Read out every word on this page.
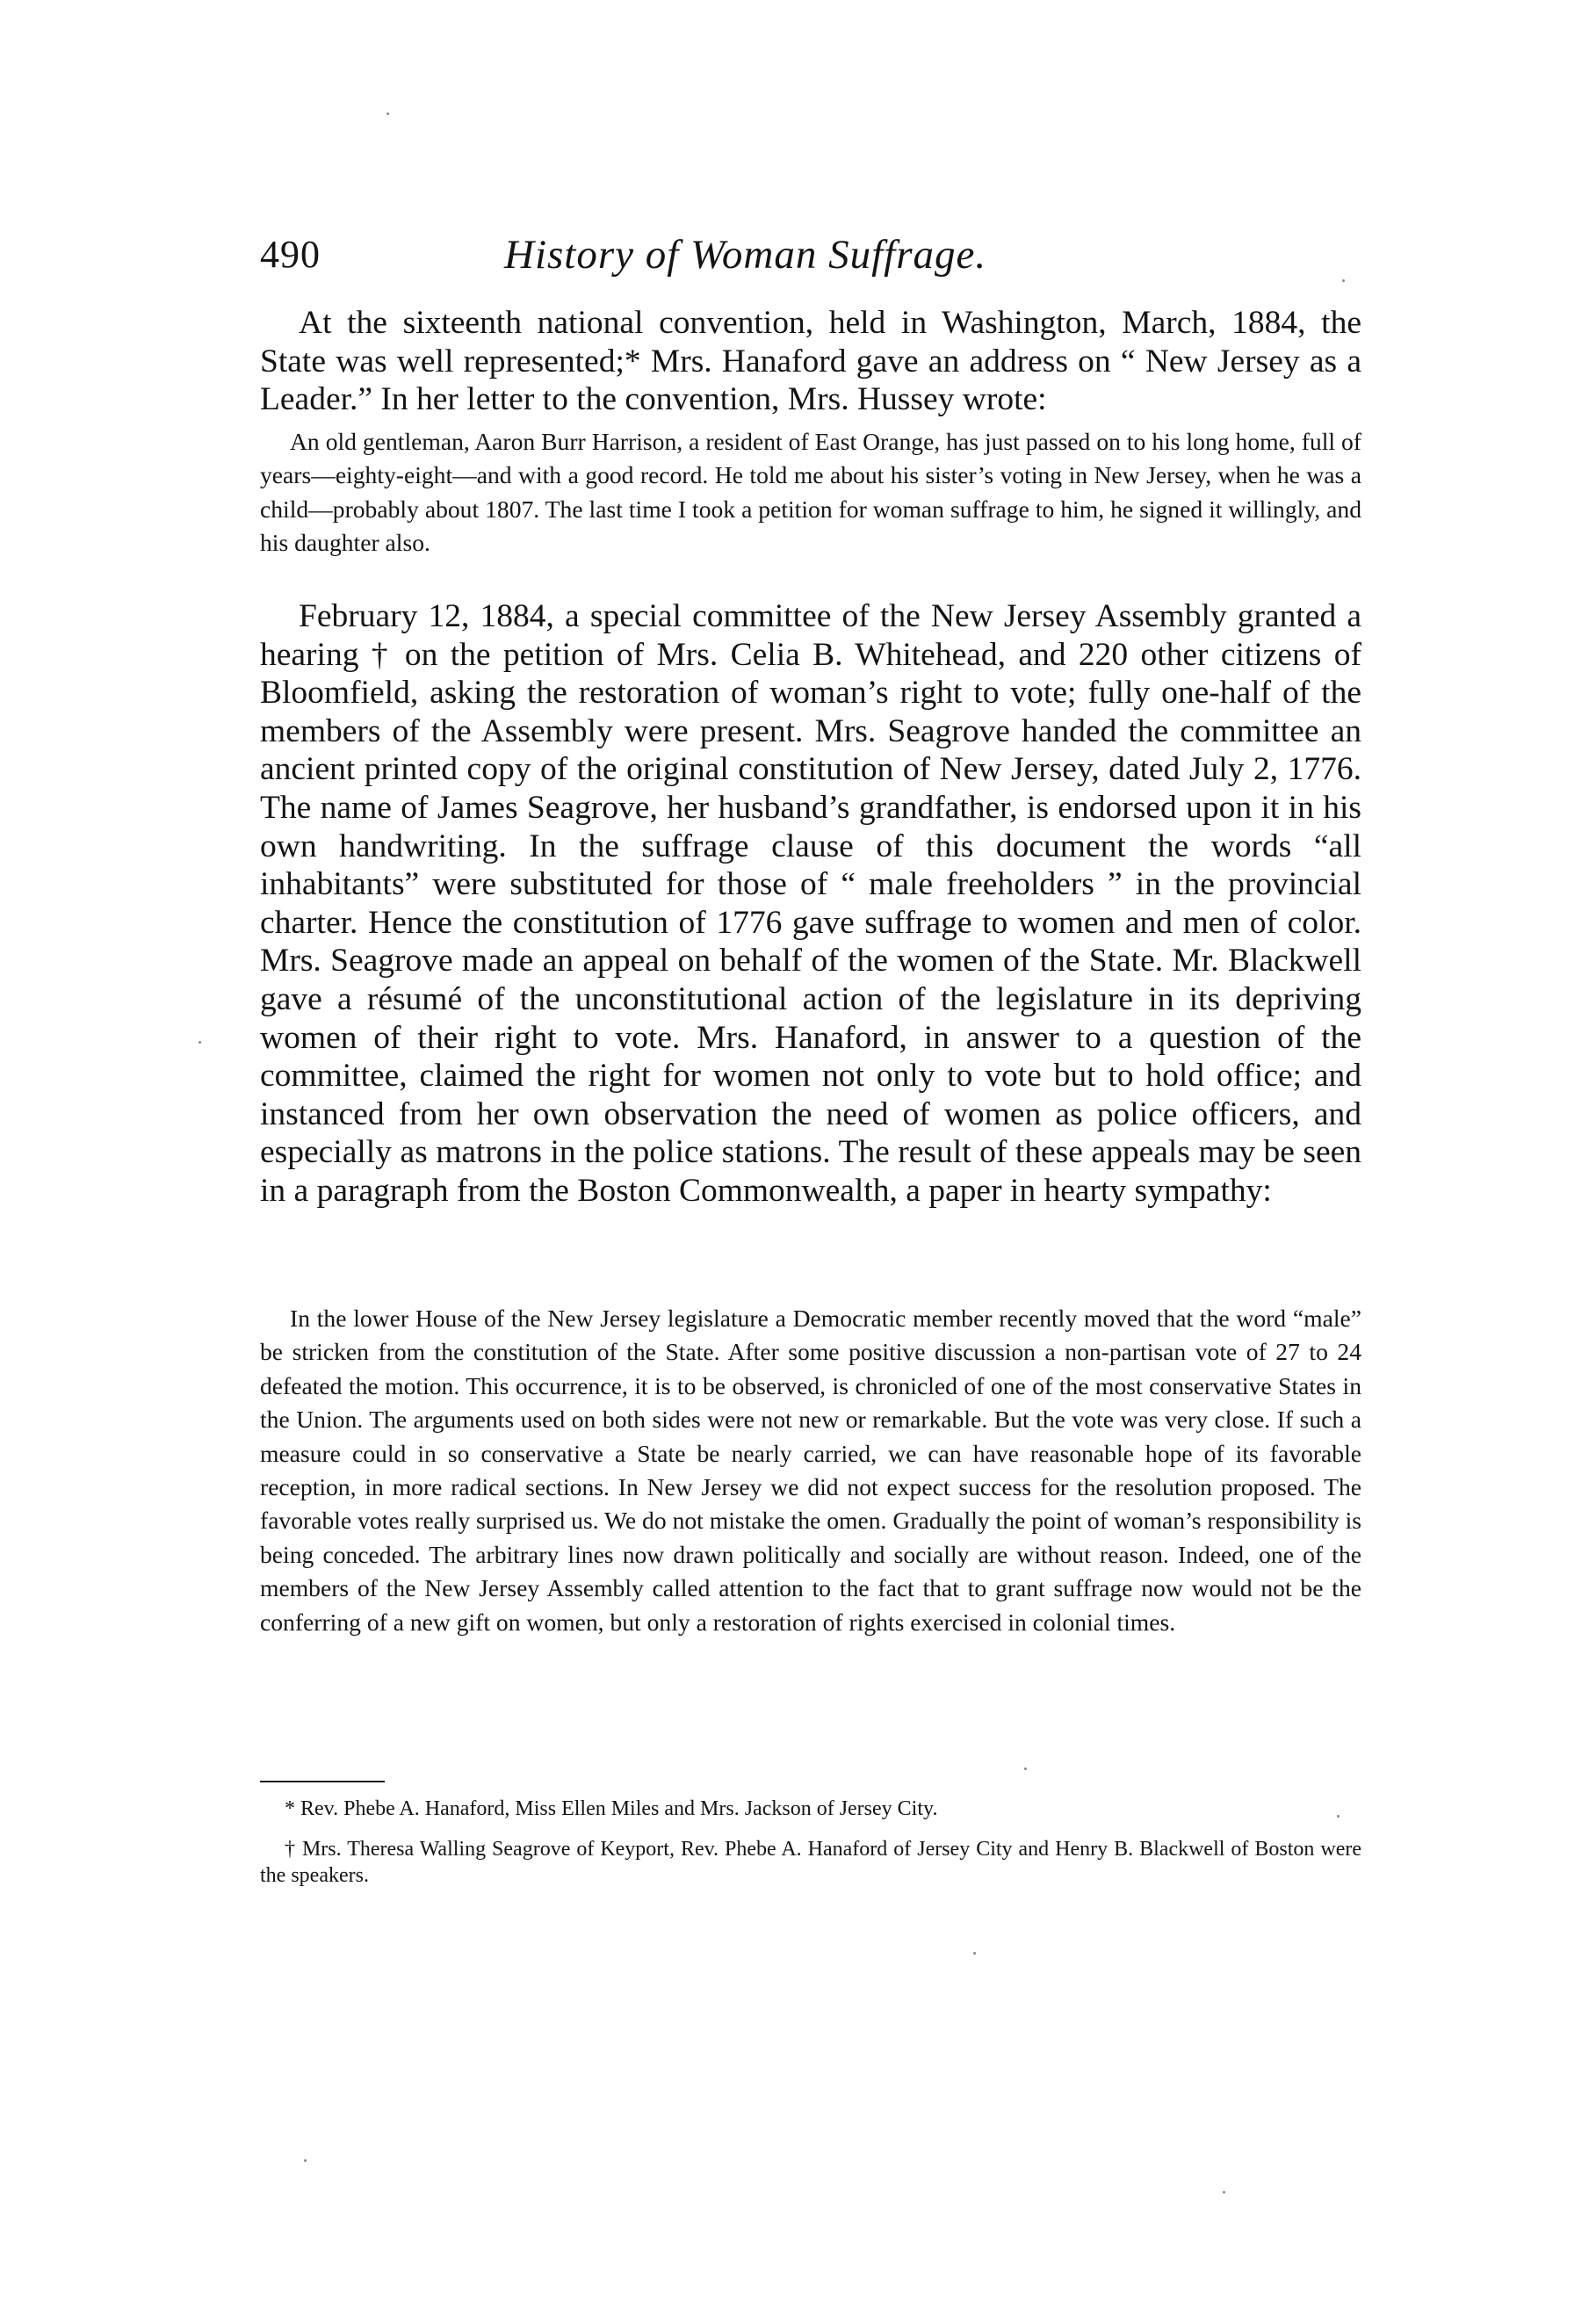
490	History of Woman Suffrage.

At the sixteenth national convention, held in Washington, March, 1884, the State was well represented;* Mrs. Hanaford gave an address on “ New Jersey as a Leader.” In her letter to the convention, Mrs. Hussey wrote:

An old gentleman, Aaron Burr Harrison, a resident of East Orange, has just passed on to his long home, full of years—eighty-eight—and with a good record. He told me about his sister’s voting in New Jersey, when he was a child—probably about 1807. The last time I took a petition for woman suffrage to him, he signed it willingly, and his daughter also.

February 12, 1884, a special committee of the New Jersey Assembly granted a hearing † on the petition of Mrs. Celia B. Whitehead, and 220 other citizens of Bloomfield, asking the restoration of woman’s right to vote; fully one-half of the members of the Assembly were present. Mrs. Seagrove handed the committee an ancient printed copy of the original constitution of New Jersey, dated July 2, 1776. The name of James Seagrove, her husband’s grandfather, is endorsed upon it in his own handwriting. In the suffrage clause of this document the words “all inhabitants” were substituted for those of “ male freeholders ” in the provincial charter. Hence the constitution of 1776 gave suffrage to women and men of color. Mrs. Seagrove made an appeal on behalf of the women of the State. Mr. Blackwell gave a résumé of the unconstitutional action of the legislature in its depriving women of their right to vote. Mrs. Hanaford, in answer to a question of the committee, claimed the right for women not only to vote but to hold office; and instanced from her own observation the need of women as police officers, and especially as matrons in the police stations. The result of these appeals may be seen in a paragraph from the Boston Commonwealth, a paper in hearty sympathy:

In the lower House of the New Jersey legislature a Democratic member recently moved that the word “male” be stricken from the constitution of the State. After some positive discussion a non-partisan vote of 27 to 24 defeated the motion. This occurrence, it is to be observed, is chronicled of one of the most conservative States in the Union. The arguments used on both sides were not new or remarkable. But the vote was very close. If such a measure could in so conservative a State be nearly carried, we can have reasonable hope of its favorable reception, in more radical sections. In New Jersey we did not expect success for the resolution proposed. The favorable votes really surprised us. We do not mistake the omen. Gradually the point of woman’s responsibility is being conceded. The arbitrary lines now drawn politically and socially are without reason. Indeed, one of the members of the New Jersey Assembly called attention to the fact that to grant suffrage now would not be the conferring of a new gift on women, but only a restoration of rights exercised in colonial times.

* Rev. Phebe A. Hanaford, Miss Ellen Miles and Mrs. Jackson of Jersey City.

† Mrs. Theresa Walling Seagrove of Keyport, Rev. Phebe A. Hanaford of Jersey City and Henry B. Blackwell of Boston were the speakers.
